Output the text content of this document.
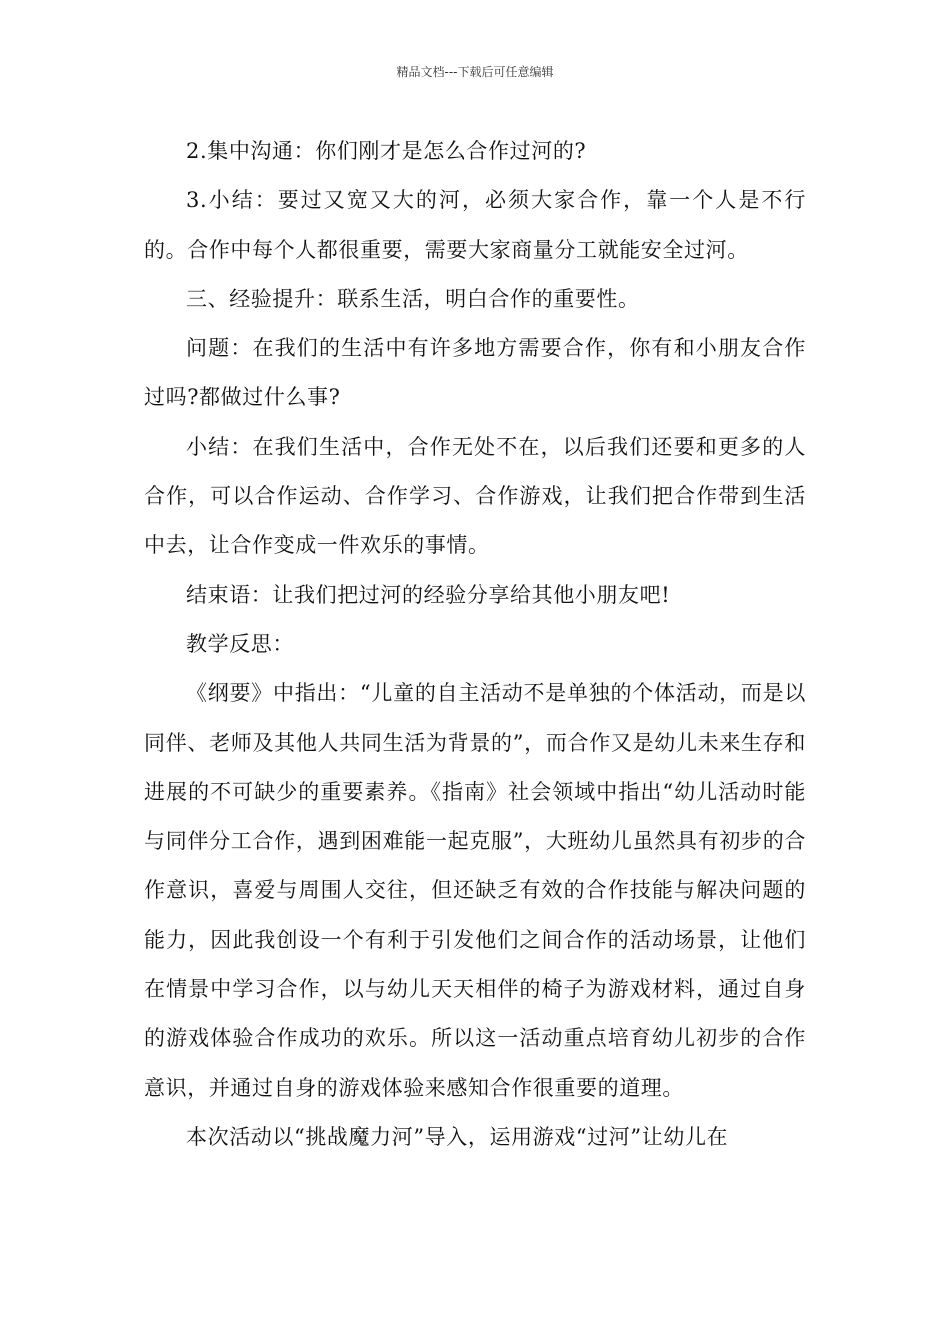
精品文档---下载后可任意编辑

2.集中沟通：你们刚才是怎么合作过河的?

3.小结：要过又宽又大的河，必须大家合作，靠一个人是不行的。合作中每个人都很重要，需要大家商量分工就能安全过河。

三、经验提升：联系生活，明白合作的重要性。

问题：在我们的生活中有许多地方需要合作，你有和小朋友合作过吗?都做过什么事?

小结：在我们生活中，合作无处不在，以后我们还要和更多的人合作，可以合作运动、合作学习、合作游戏，让我们把合作带到生活中去，让合作变成一件欢乐的事情。

结束语：让我们把过河的经验分享给其他小朋友吧!

教学反思：

《纲要》中指出：“儿童的自主活动不是单独的个体活动，而是以同伴、老师及其他人共同生活为背景的”，而合作又是幼儿未来生存和进展的不可缺少的重要素养。《指南》社会领域中指出“幼儿活动时能与同伴分工合作，遇到困难能一起克服”，大班幼儿虽然具有初步的合作意识，喜爱与周围人交往，但还缺乏有效的合作技能与解决问题的能力，因此我创设一个有利于引发他们之间合作的活动场景，让他们在情景中学习合作，以与幼儿天天相伴的椅子为游戏材料，通过自身的游戏体验合作成功的欢乐。所以这一活动重点培育幼儿初步的合作意识，并通过自身的游戏体验来感知合作很重要的道理。

本次活动以“挑战魔力河”导入，运用游戏“过河”让幼儿在
